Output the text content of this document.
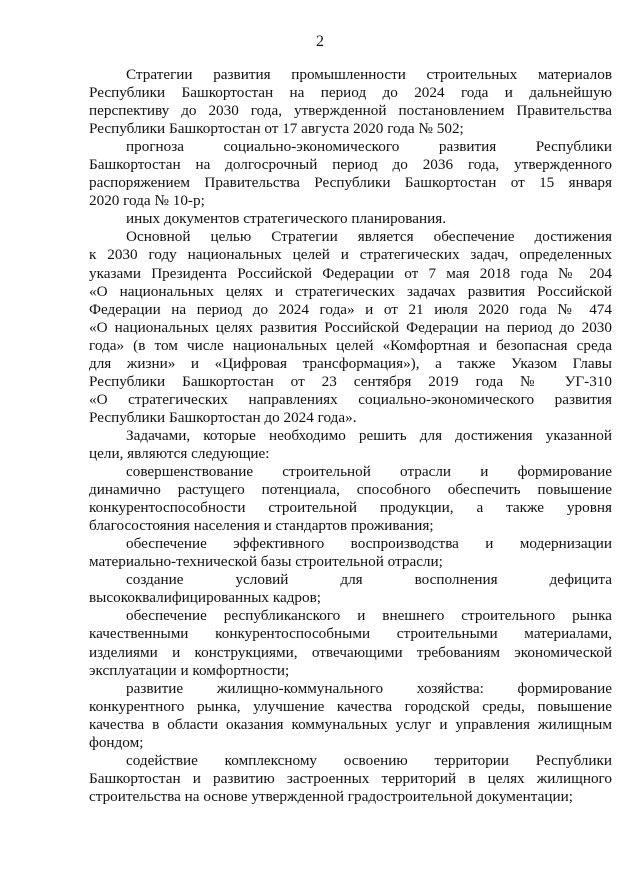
2
Стратегии развития промышленности строительных материалов
Республики Башкортостан на период до 2024 года и дальнейшую
перспективу до 2030 года, утвержденной постановлением Правительства
Республики Башкортостан от 17 августа 2020 года № 502;
прогноза социально-экономического развития Республики
Башкортостан на долгосрочный период до 2036 года, утвержденного
распоряжением Правительства Республики Башкортостан от 15 января
2020 года № 10-р;
иных документов стратегического планирования.
Основной целью Стратегии является обеспечение достижения
к 2030 году национальных целей и стратегических задач, определенных
указами Президента Российской Федерации от 7 мая 2018 года № 204
«О национальных целях и стратегических задачах развития Российской
Федерации на период до 2024 года» и от 21 июля 2020 года № 474
«О национальных целях развития Российской Федерации на период до 2030
года» (в том числе национальных целей «Комфортная и безопасная среда
для жизни» и «Цифровая трансформация»), а также Указом Главы
Республики Башкортостан от 23 сентября 2019 года № УГ-310
«О стратегических направлениях социально-экономического развития
Республики Башкортостан до 2024 года».
Задачами, которые необходимо решить для достижения указанной
цели, являются следующие:
совершенствование строительной отрасли и формирование
динамично растущего потенциала, способного обеспечить повышение
конкурентоспособности строительной продукции, а также уровня
благосостояния населения и стандартов проживания;
обеспечение эффективного воспроизводства и модернизации
материально-технической базы строительной отрасли;
создание условий для восполнения дефицита
высококвалифицированных кадров;
обеспечение республиканского и внешнего строительного рынка
качественными конкурентоспособными строительными материалами,
изделиями и конструкциями, отвечающими требованиям экономической
эксплуатации и комфортности;
развитие жилищно-коммунального хозяйства: формирование
конкурентного рынка, улучшение качества городской среды, повышение
качества в области оказания коммунальных услуг и управления жилищным
фондом;
содействие комплексному освоению территории Республики
Башкортостан и развитию застроенных территорий в целях жилищного
строительства на основе утвержденной градостроительной документации;
